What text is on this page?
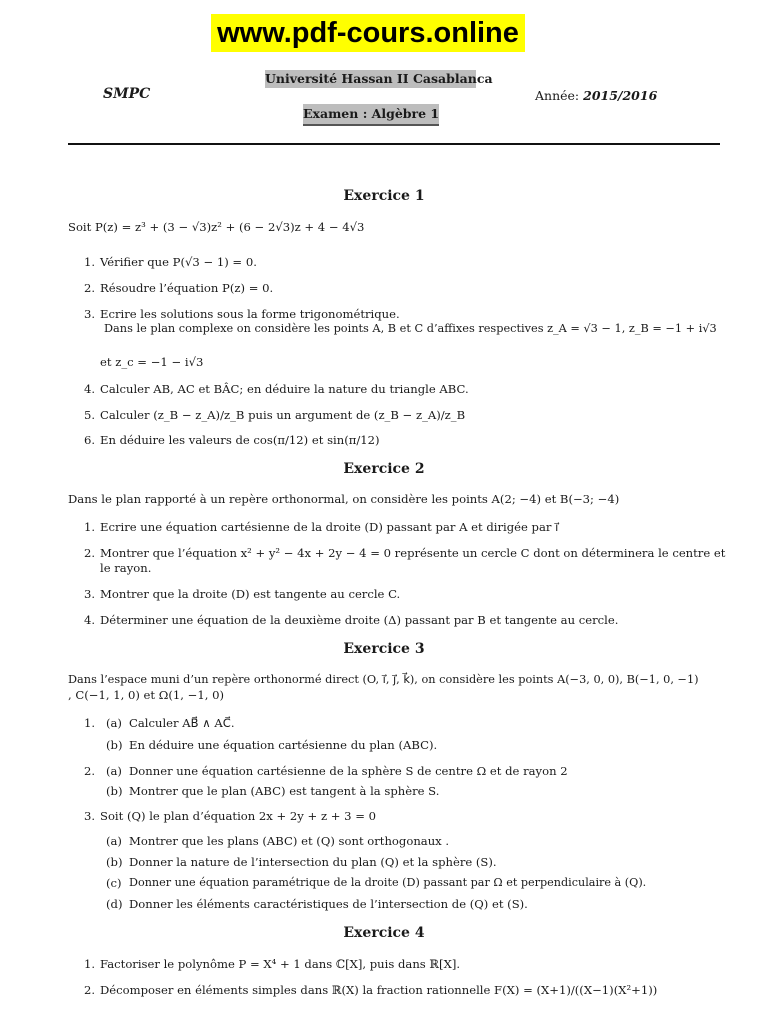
www.pdf-cours.online
Université Hassan II Casablanca
SMPC	Année: 2015/2016
Examen : Algèbre 1
Exercice 1
Soit P(z) = z³ + (3 − √3)z² + (6 − 2√3)z + 4 − 4√3
1. Vérifier que P(√3 − 1) = 0.
2. Résoudre l’équation P(z) = 0.
3. Ecrire les solutions sous la forme trigonométrique.
Dans le plan complexe on considère les points A, B et C d’affixes respectives z_A = √3 − 1, z_B = −1 + i√3
et z_c = −1 − i√3
4. Calculer AB, AC et BÂC; en déduire la nature du triangle ABC.
5. Calculer (z_B − z_A)/z_B puis un argument de (z_B − z_A)/z_B
6. En déduire les valeurs de cos(π/12) et sin(π/12)
Exercice 2
Dans le plan rapporté à un repère orthonormal, on considère les points A(2; −4) et B(−3; −4)
1. Ecrire une équation cartésienne de la droite (D) passant par A et dirigée par i⃗
2. Montrer que l’équation x² + y² − 4x + 2y − 4 = 0 représente un cercle C dont on déterminera le centre et
le rayon.
3. Montrer que la droite (D) est tangente au cercle C.
4. Déterminer une équation de la deuxième droite (Δ) passant par B et tangente au cercle.
Exercice 3
Dans l’espace muni d’un repère orthonormé direct (O, i⃗, j⃗, k⃗), on considère les points A(−3, 0, 0), B(−1, 0, −1)
, C(−1, 1, 0) et Ω(1, −1, 0)
1. (a) Calculer AB⃗ ∧ AC⃗.
(b) En déduire une équation cartésienne du plan (ABC).
2. (a) Donner une équation cartésienne de la sphère S de centre Ω et de rayon 2
(b) Montrer que le plan (ABC) est tangent à la sphère S.
3. Soit (Q) le plan d’équation 2x + 2y + z + 3 = 0
(a) Montrer que les plans (ABC) et (Q) sont orthogonaux .
(b) Donner la nature de l’intersection du plan (Q) et la sphère (S).
(c) Donner une équation paramétrique de la droite (D) passant par Ω et perpendiculaire à (Q).
(d) Donner les éléments caractéristiques de l’intersection de (Q) et (S).
Exercice 4
1. Factoriser le polynôme P = X⁴ + 1 dans ℂ[X], puis dans ℝ[X].
2. Décomposer en éléments simples dans ℝ(X) la fraction rationnelle F(X) = (X+1)/((X−1)(X²+1))
